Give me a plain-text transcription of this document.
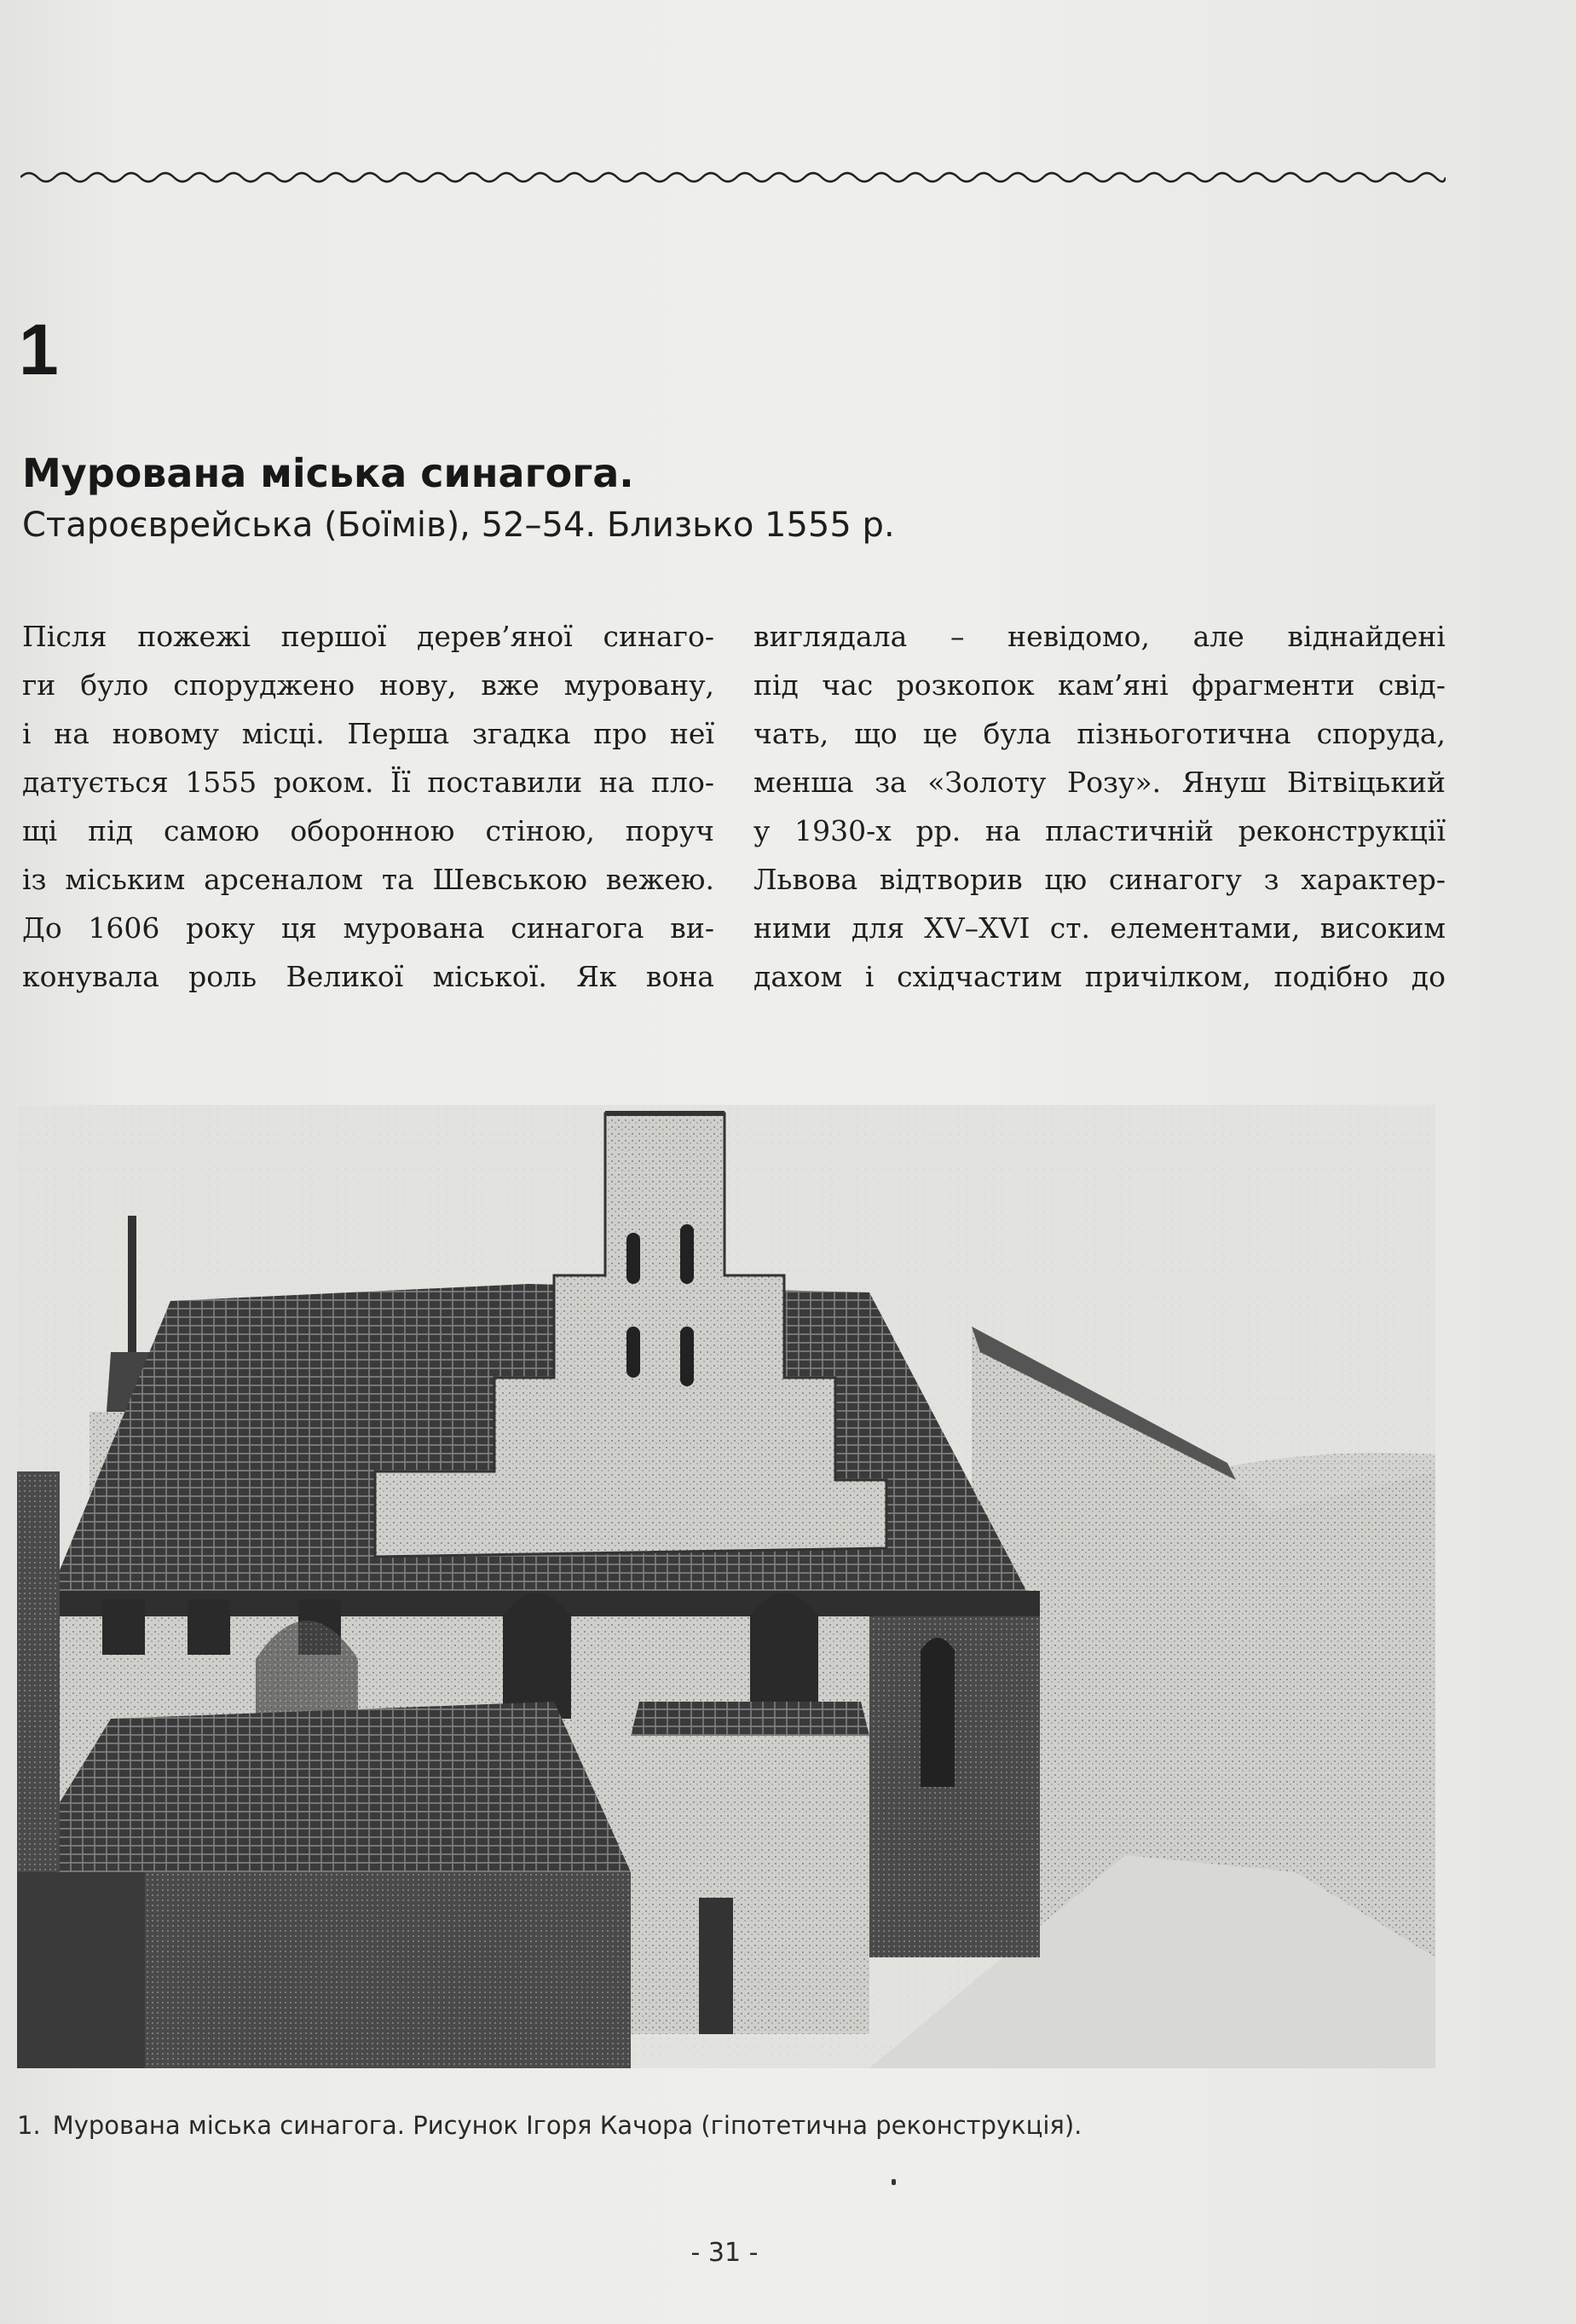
1
Мурована міська синагога.
Староєврейська (Боїмів), 52–54. Близько 1555 р.
Після пожежі першої дерев’яної синаго-
ги було споруджено нову, вже муровану,
і на новому місці. Перша згадка про неї
датується 1555 роком. Її поставили на пло-
щі під самою оборонною стіною, поруч
із міським арсеналом та Шевською вежею.
До 1606 року ця мурована синагога ви-
конувала роль Великої міської. Як вона
виглядала – невідомо, але віднайдені
під час розкопок кам’яні фрагменти свід-
чать, що це була пізньоготична споруда,
менша за «Золоту Розу». Януш Вітвіцький
у 1930-х рр. на пластичній реконструкції
Львова відтворив цю синагогу з характер-
ними для XV–XVI ст. елементами, високим
дахом і східчастим причілком, подібно до
1. Мурована міська синагога. Рисунок Ігоря Качора (гіпотетична реконструкція).
- 31 -
